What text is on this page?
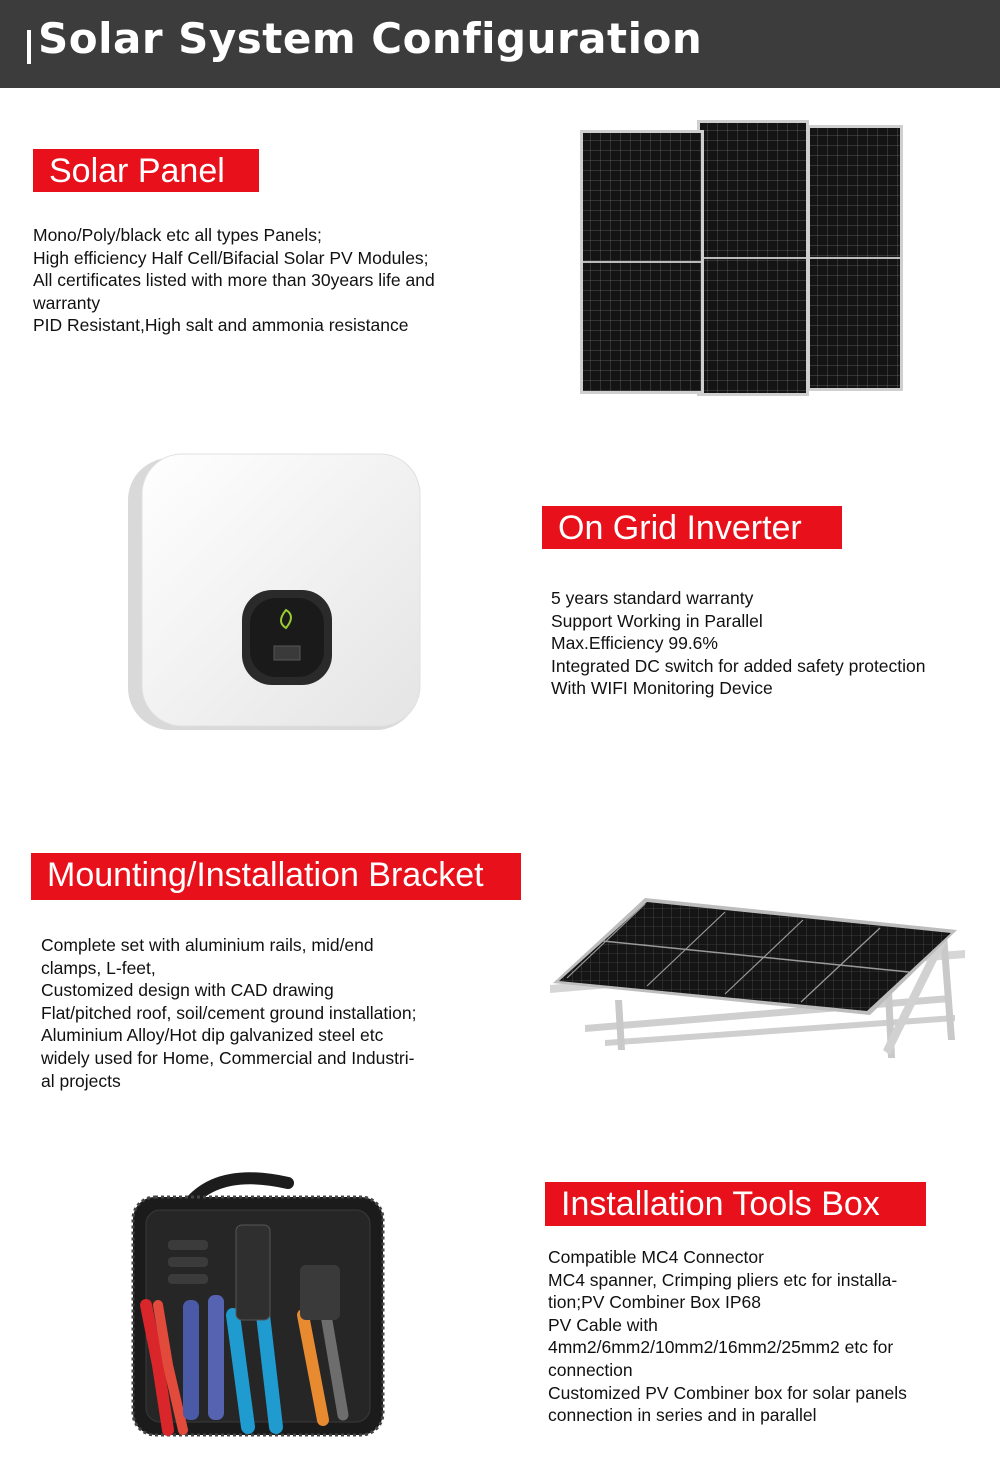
Solar System Configuration
Solar Panel
Mono/Poly/black etc all types Panels;
High efficiency Half Cell/Bifacial Solar PV Modules;
All certificates listed with more than 30years life and
warranty
PID Resistant,High salt and ammonia resistance
On Grid Inverter
5 years standard warranty
Support Working in Parallel
Max.Efficiency 99.6%
Integrated DC switch for added safety protection
With WIFI Monitoring Device
Mounting/Installation Bracket
Complete set with aluminium rails, mid/end
clamps, L-feet,
Customized design with CAD drawing
Flat/pitched roof, soil/cement ground installation;
Aluminium Alloy/Hot dip galvanized steel etc
widely used for Home, Commercial and Industri-
al projects
Installation Tools Box
Compatible MC4 Connector
MC4 spanner, Crimping pliers etc for installa-
tion;PV Combiner Box IP68
PV Cable with
4mm2/6mm2/10mm2/16mm2/25mm2 etc for
connection
Customized PV Combiner box for solar panels
connection in series and in parallel
